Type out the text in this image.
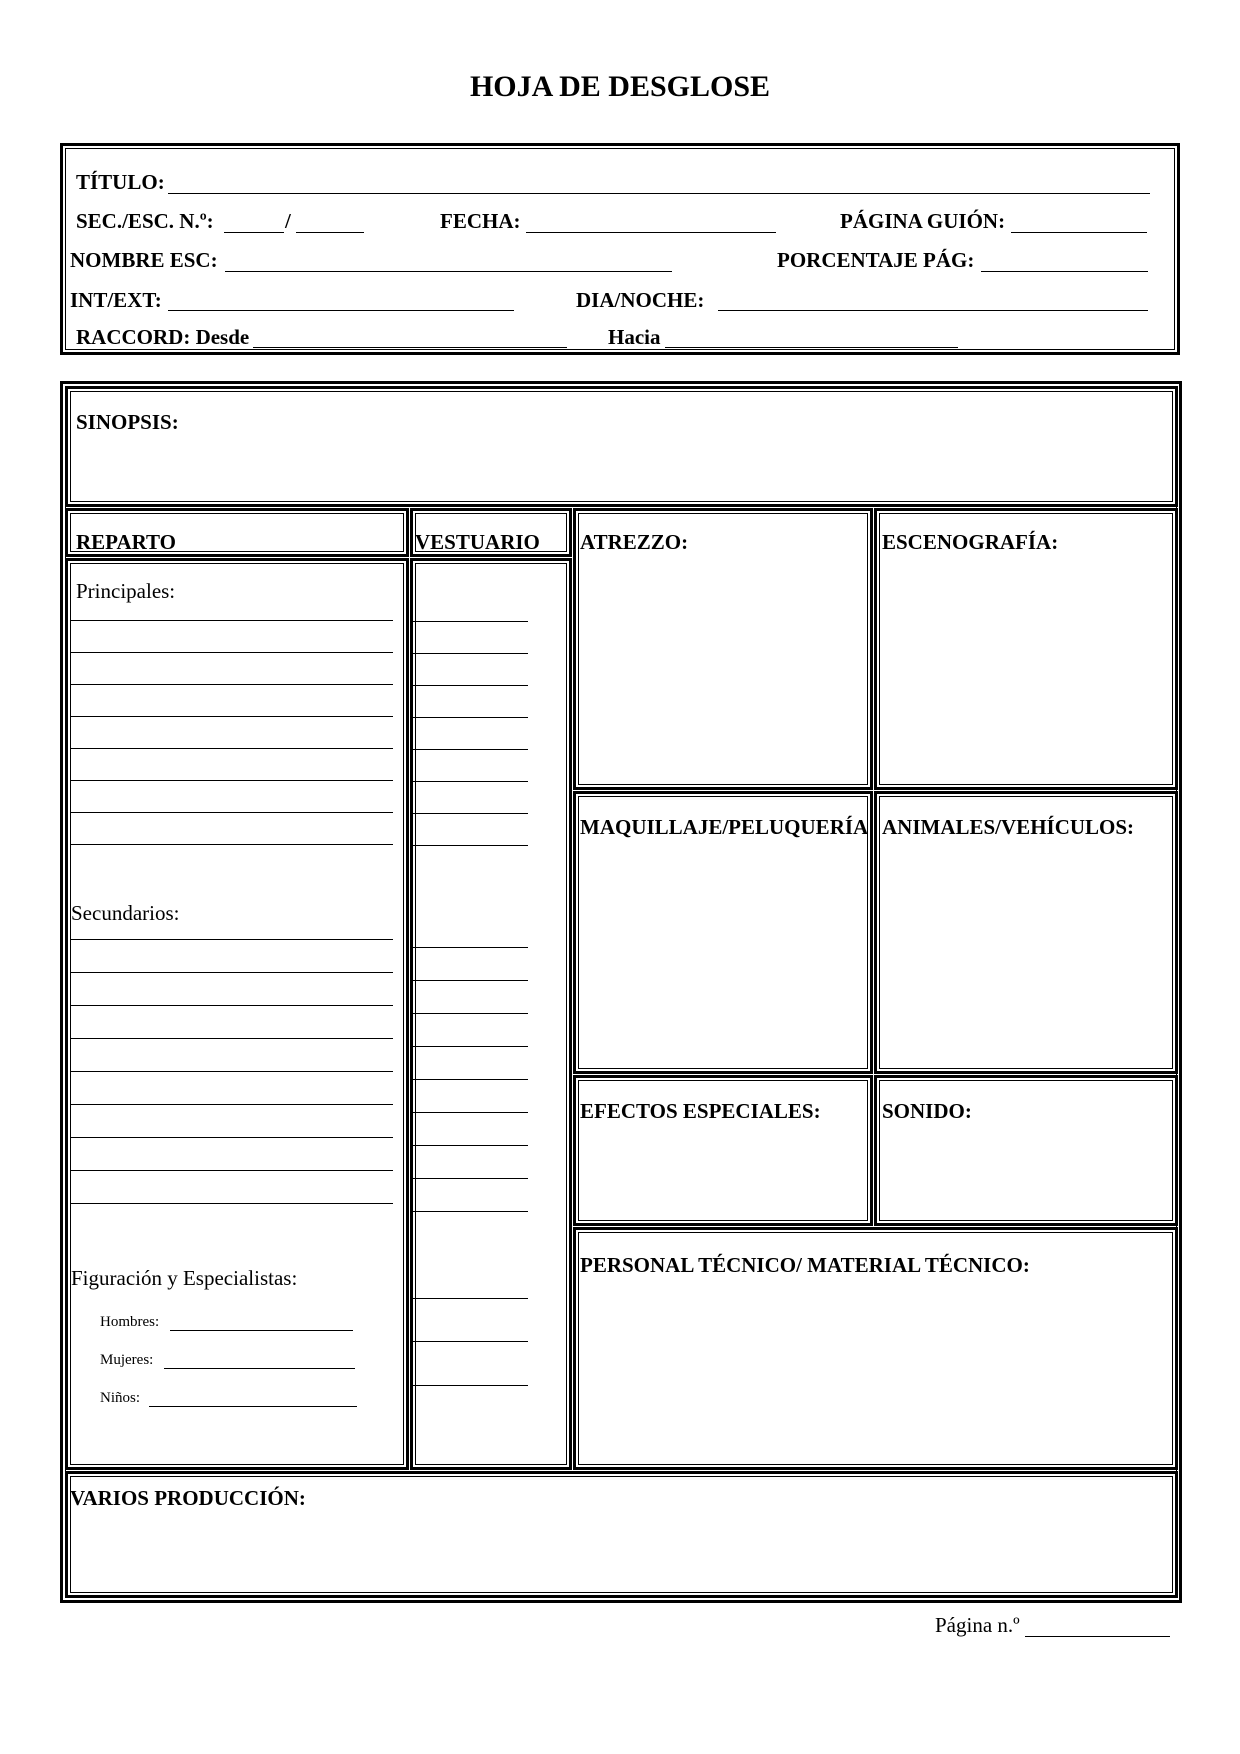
HOJA DE DESGLOSE
TÍTULO:
SEC./ESC. N.º:	/	FECHA:	PÁGINA GUIÓN:
NOMBRE ESC:	PORCENTAJE PÁG:
INT/EXT:	DIA/NOCHE:
RACCORD: Desde	Hacia
SINOPSIS:
REPARTO	VESTUARIO ATREZZO:	ESCENOGRAFÍA:
MAQUILLAJE/PELUQUERÍA ANIMALES/VEHÍCULOS:
EFECTOS ESPECIALES:	SONIDO:
PERSONAL TÉCNICO/ MATERIAL TÉCNICO:
VARIOS PRODUCCIÓN:
Principales:
Secundarios:
Figuración y Especialistas:
Hombres:
Mujeres:
Niños:
Página n.º
